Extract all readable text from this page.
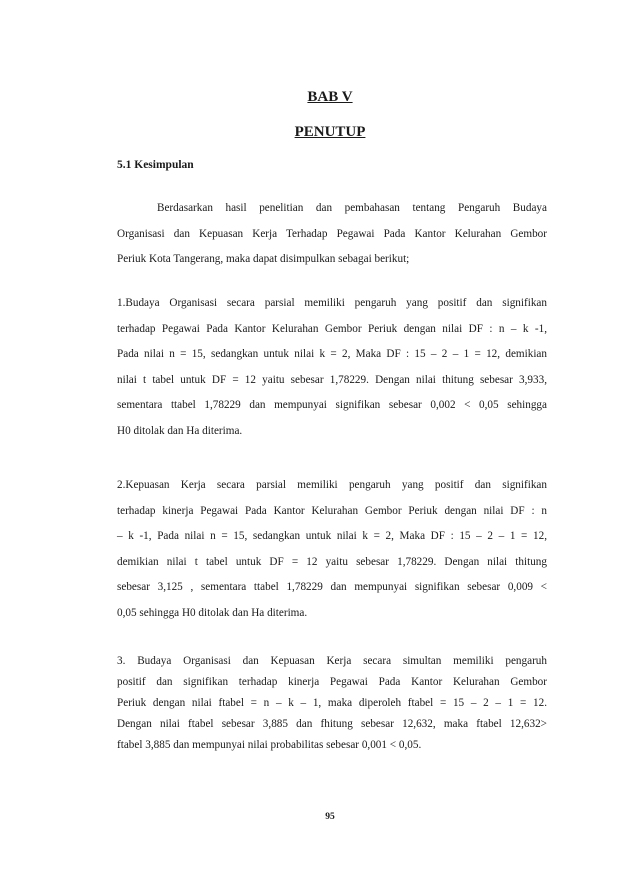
BAB V
PENUTUP
5.1 Kesimpulan

Berdasarkan hasil penelitian dan pembahasan tentang Pengaruh Budaya
Organisasi dan Kepuasan Kerja Terhadap Pegawai Pada Kantor Kelurahan Gembor
Periuk Kota Tangerang, maka dapat disimpulkan sebagai berikut;

1.Budaya Organisasi secara parsial memiliki pengaruh yang positif dan signifikan
terhadap Pegawai Pada Kantor Kelurahan Gembor Periuk dengan nilai DF : n – k -1,
Pada nilai n = 15, sedangkan untuk nilai k = 2, Maka DF : 15 – 2 – 1 = 12, demikian
nilai t tabel untuk DF = 12 yaitu sebesar 1,78229. Dengan nilai thitung sebesar 3,933,
sementara ttabel 1,78229 dan mempunyai signifikan sebesar 0,002 < 0,05 sehingga
H0 ditolak dan Ha diterima.

2.Kepuasan Kerja secara parsial memiliki pengaruh yang positif dan signifikan
terhadap kinerja Pegawai Pada Kantor Kelurahan Gembor Periuk dengan nilai DF : n
– k -1, Pada nilai n = 15, sedangkan untuk nilai k = 2, Maka DF : 15 – 2 – 1 = 12,
demikian nilai t tabel untuk DF = 12 yaitu sebesar 1,78229. Dengan nilai thitung
sebesar 3,125 , sementara ttabel 1,78229 dan mempunyai signifikan sebesar 0,009 <
0,05 sehingga H0 ditolak dan Ha diterima.

3. Budaya Organisasi dan Kepuasan Kerja secara simultan memiliki pengaruh
positif dan signifikan terhadap kinerja Pegawai Pada Kantor Kelurahan Gembor
Periuk dengan nilai ftabel = n – k – 1, maka diperoleh ftabel = 15 – 2 – 1 = 12.
Dengan nilai ftabel sebesar 3,885 dan fhitung sebesar 12,632, maka ftabel 12,632>
ftabel 3,885 dan mempunyai nilai probabilitas sebesar 0,001 < 0,05.

95
